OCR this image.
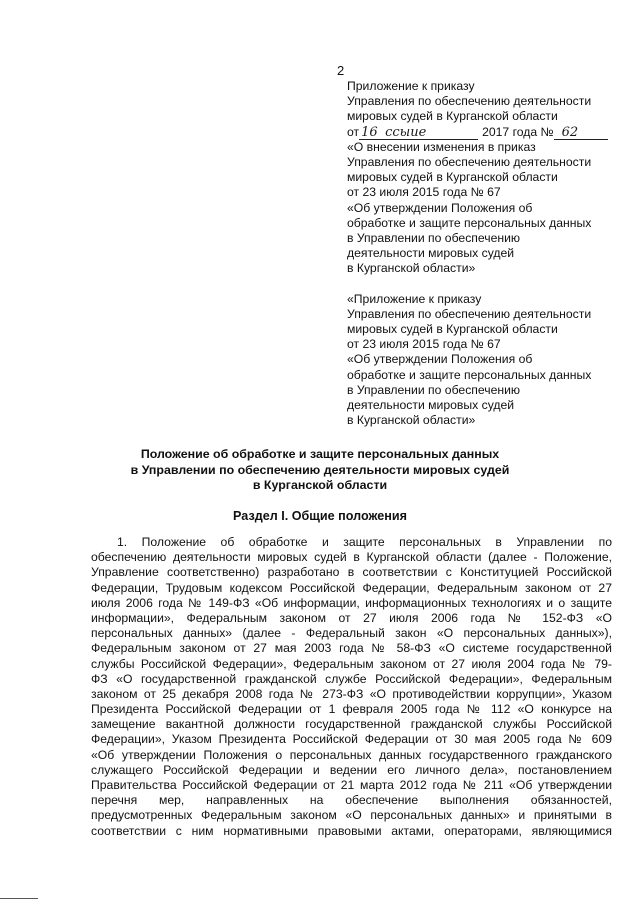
2
Приложение к приказу
Управления по обеспечению деятельности
мировых судей в Курганской области
от 16 ссыие	2017 года № 62
«О внесении изменения в приказ
Управления по обеспечению деятельности
мировых судей в Курганской области
от 23 июля 2015 года № 67
«Об утверждении Положения об
обработке и защите персональных данных
в Управлении по обеспечению
деятельности мировых судей
в Курганской области»
«Приложение к приказу
Управления по обеспечению деятельности
мировых судей в Курганской области
от 23 июля 2015 года № 67
«Об утверждении Положения об
обработке и защите персональных данных
в Управлении по обеспечению
деятельности мировых судей
в Курганской области»
Положение об обработке и защите персональных данных
в Управлении по обеспечению деятельности мировых судей
в Курганской области
Раздел I. Общие положения
1. Положение об обработке и защите персональных в Управлении по
обеспечению деятельности мировых судей в Курганской области (далее - Положение,
Управление соответственно) разработано в соответствии с Конституцией Российской
Федерации, Трудовым кодексом Российской Федерации, Федеральным законом от 27
июля 2006 года № 149-ФЗ «Об информации, информационных технологиях и о защите
информации», Федеральным законом от 27 июля 2006 года № 152-ФЗ «О
персональных данных» (далее - Федеральный закон «О персональных данных»),
Федеральным законом от 27 мая 2003 года № 58-ФЗ «О системе государственной
службы Российской Федерации», Федеральным законом от 27 июля 2004 года № 79-
ФЗ «О государственной гражданской службе Российской Федерации», Федеральным
законом от 25 декабря 2008 года № 273-ФЗ «О противодействии коррупции», Указом
Президента Российской Федерации от 1 февраля 2005 года № 112 «О конкурсе на
замещение вакантной должности государственной гражданской службы Российской
Федерации», Указом Президента Российской Федерации от 30 мая 2005 года № 609
«Об утверждении Положения о персональных данных государственного гражданского
служащего Российской Федерации и ведении его личного дела», постановлением
Правительства Российской Федерации от 21 марта 2012 года № 211 «Об утверждении
перечня мер, направленных на обеспечение выполнения обязанностей,
предусмотренных Федеральным законом «О персональных данных» и принятыми в
соответствии с ним нормативными правовыми актами, операторами, являющимися
